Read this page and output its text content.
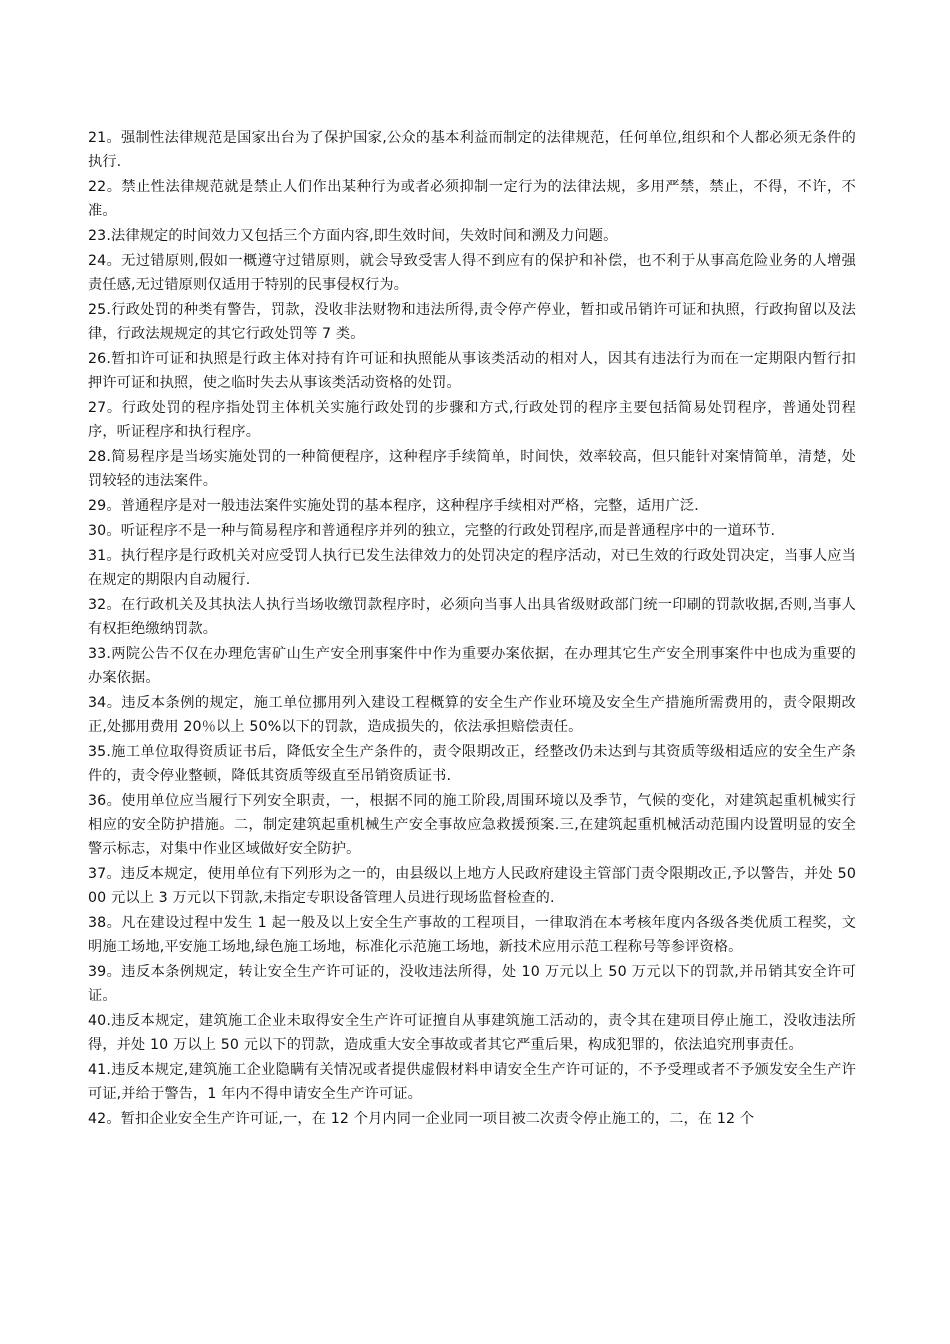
21。强制性法律规范是国家出台为了保护国家,公众的基本利益而制定的法律规范，任何单位,组织和个人都必须无条件的执行.

22。禁止性法律规范就是禁止人们作出某种行为或者必须抑制一定行为的法律法规，多用严禁，禁止，不得，不许，不准。

23.法律规定的时间效力又包括三个方面内容,即生效时间，失效时间和溯及力问题。

24。无过错原则,假如一概遵守过错原则，就会导致受害人得不到应有的保护和补偿，也不利于从事高危险业务的人增强责任感,无过错原则仅适用于特别的民事侵权行为。

25.行政处罚的种类有警告，罚款，没收非法财物和违法所得,责令停产停业，暂扣或吊销许可证和执照，行政拘留以及法律，行政法规规定的其它行政处罚等 7 类。

26.暂扣许可证和执照是行政主体对持有许可证和执照能从事该类活动的相对人，因其有违法行为而在一定期限内暂行扣押许可证和执照，使之临时失去从事该类活动资格的处罚。

27。行政处罚的程序指处罚主体机关实施行政处罚的步骤和方式,行政处罚的程序主要包括简易处罚程序，普通处罚程序，听证程序和执行程序。

28.简易程序是当场实施处罚的一种简便程序，这种程序手续简单，时间快，效率较高，但只能针对案情简单，清楚，处罚较轻的违法案件。

29。普通程序是对一般违法案件实施处罚的基本程序，这种程序手续相对严格，完整，适用广泛.

30。听证程序不是一种与简易程序和普通程序并列的独立，完整的行政处罚程序,而是普通程序中的一道环节.

31。执行程序是行政机关对应受罚人执行已发生法律效力的处罚决定的程序活动，对已生效的行政处罚决定，当事人应当在规定的期限内自动履行.

32。在行政机关及其执法人执行当场收缴罚款程序时，必须向当事人出具省级财政部门统一印刷的罚款收据,否则,当事人有权拒绝缴纳罚款。

33.两院公告不仅在办理危害矿山生产安全刑事案件中作为重要办案依据，在办理其它生产安全刑事案件中也成为重要的办案依据。

34。违反本条例的规定，施工单位挪用列入建设工程概算的安全生产作业环境及安全生产措施所需费用的，责令限期改正,处挪用费用 20％以上 50%以下的罚款，造成损失的，依法承担赔偿责任。

35.施工单位取得资质证书后，降低安全生产条件的，责令限期改正，经整改仍未达到与其资质等级相适应的安全生产条件的，责令停业整顿，降低其资质等级直至吊销资质证书.

36。使用单位应当履行下列安全职责，一，根据不同的施工阶段,周围环境以及季节，气候的变化，对建筑起重机械实行相应的安全防护措施。二，制定建筑起重机械生产安全事故应急救援预案.三,在建筑起重机械活动范围内设置明显的安全警示标志，对集中作业区域做好安全防护。

37。违反本规定，使用单位有下列形为之一的，由县级以上地方人民政府建设主管部门责令限期改正,予以警告，并处 5000 元以上 3 万元以下罚款,未指定专职设备管理人员进行现场监督检查的.

38。凡在建设过程中发生 1 起一般及以上安全生产事故的工程项目，一律取消在本考核年度内各级各类优质工程奖，文明施工场地,平安施工场地,绿色施工场地，标准化示范施工场地，新技术应用示范工程称号等参评资格。

39。违反本条例规定，转让安全生产许可证的，没收违法所得，处 10 万元以上 50 万元以下的罚款,并吊销其安全许可证。

40.违反本规定，建筑施工企业未取得安全生产许可证擅自从事建筑施工活动的，责令其在建项目停止施工，没收违法所得，并处 10 万以上 50 元以下的罚款，造成重大安全事故或者其它严重后果，构成犯罪的，依法追究刑事责任。

41.违反本规定,建筑施工企业隐瞒有关情况或者提供虚假材料申请安全生产许可证的，不予受理或者不予颁发安全生产许可证,并给于警告，1 年内不得申请安全生产许可证。

42。暂扣企业安全生产许可证,一，在 12 个月内同一企业同一项目被二次责令停止施工的，二，在 12 个
